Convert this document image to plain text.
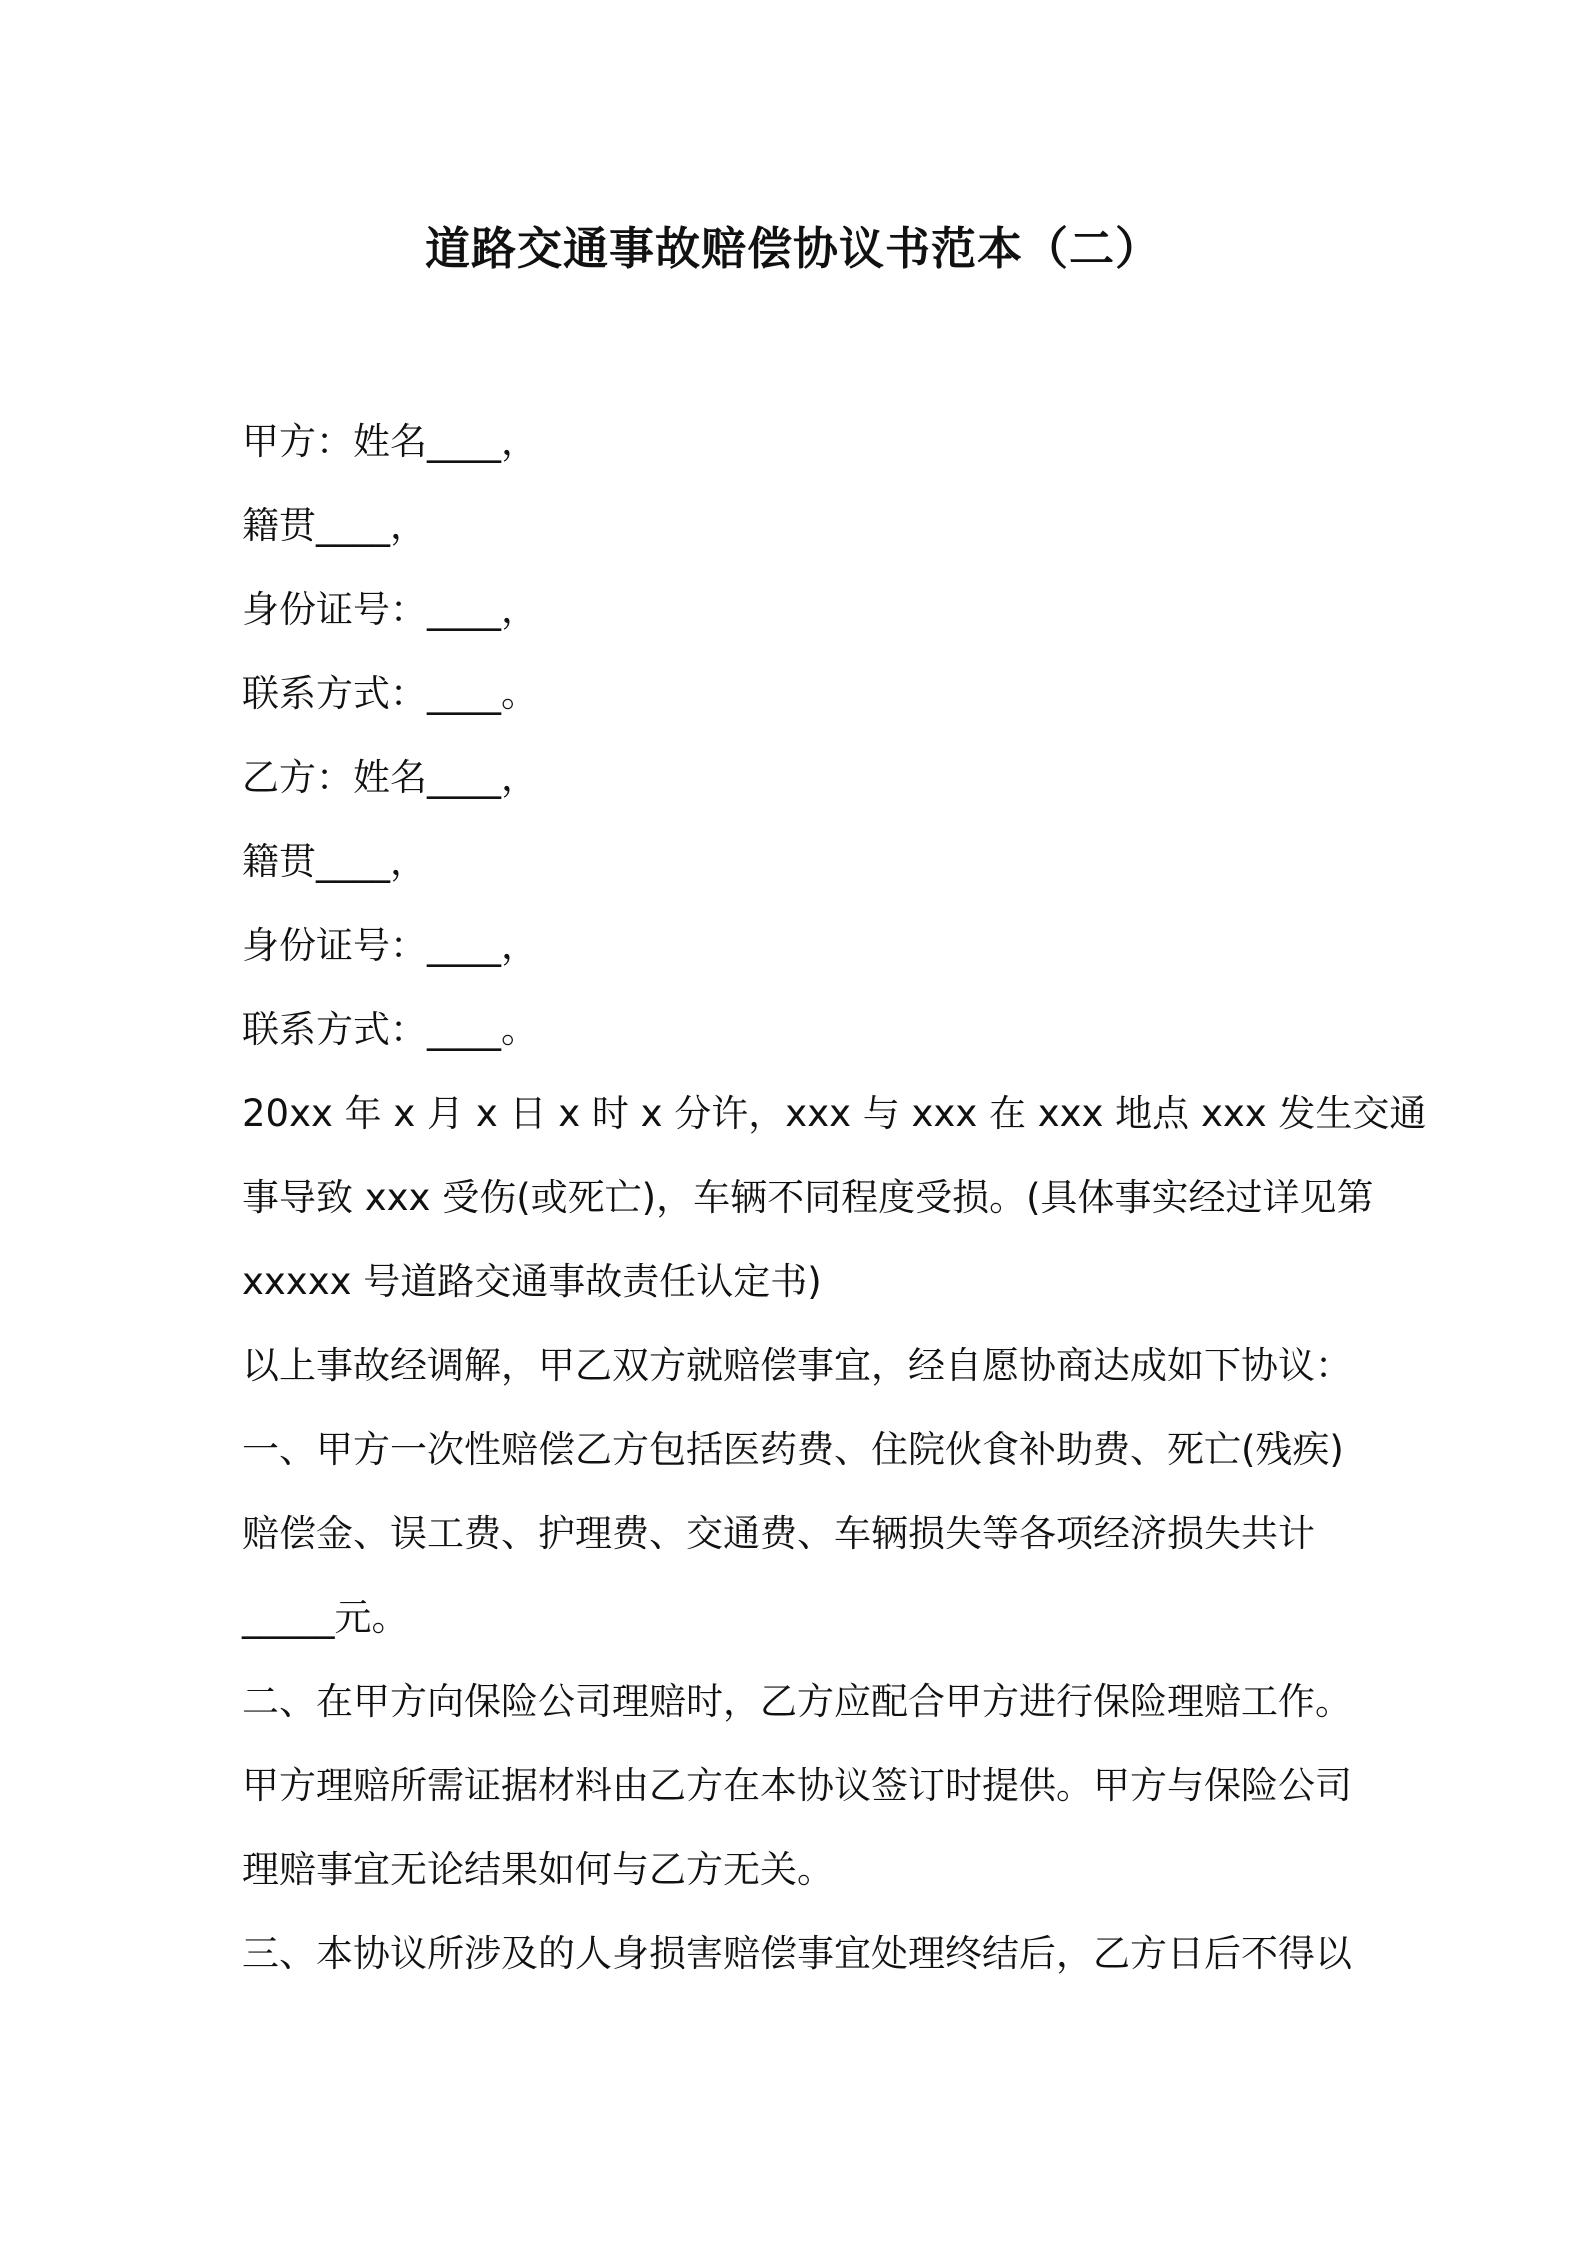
道路交通事故赔偿协议书范本（二）
甲方：姓名____，
籍贯____，
身份证号：____，
联系方式：____。
乙方：姓名____，
籍贯____，
身份证号：____，
联系方式：____。
20xx 年 x 月 x 日 x 时 x 分许，xxx 与 xxx 在 xxx 地点 xxx 发生交通
事导致 xxx 受伤(或死亡)，车辆不同程度受损。(具体事实经过详见第
xxxxx 号道路交通事故责任认定书)
以上事故经调解，甲乙双方就赔偿事宜，经自愿协商达成如下协议：
一、甲方一次性赔偿乙方包括医药费、住院伙食补助费、死亡(残疾)
赔偿金、误工费、护理费、交通费、车辆损失等各项经济损失共计
_____元。
二、在甲方向保险公司理赔时，乙方应配合甲方进行保险理赔工作。
甲方理赔所需证据材料由乙方在本协议签订时提供。甲方与保险公司
理赔事宜无论结果如何与乙方无关。
三、本协议所涉及的人身损害赔偿事宜处理终结后，乙方日后不得以
